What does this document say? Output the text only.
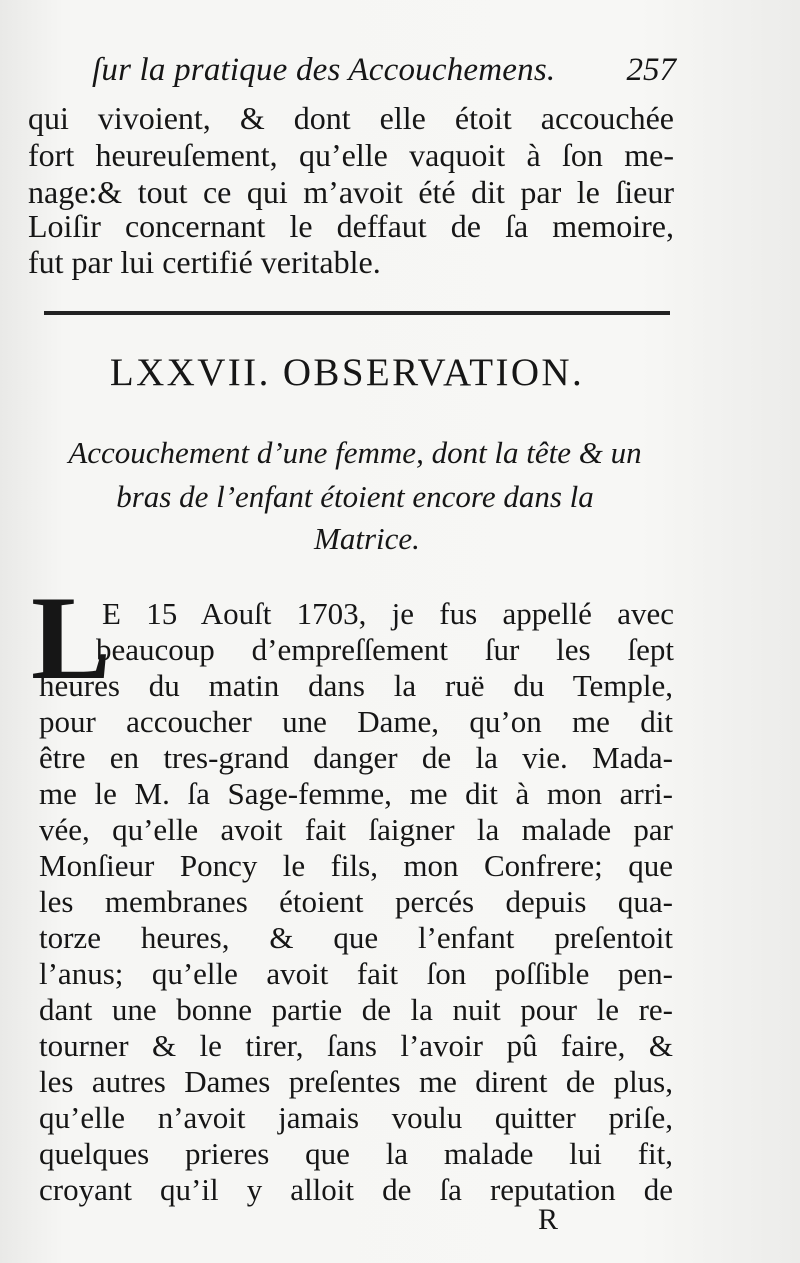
ſur la pratique des Accouchemens. 257
qui vivoient, & dont elle étoit accouchée
fort heureuſement, qu’elle vaquoit à ſon me-
nage:& tout ce qui m’avoit été dit par le ſieur
Loiſir concernant le deffaut de ſa memoire,
fut par lui certifié veritable.
LXXVII. OBSERVATION.
Accouchement d’une femme, dont la tête & un
bras de l’enfant étoient encore dans la
Matrice.
L
E 15 Aouſt 1703, je fus appellé avec
beaucoup d’empreſſement ſur les ſept
heures du matin dans la ruë du Temple,
pour accoucher une Dame, qu’on me dit
être en tres-grand danger de la vie. Mada-
me le M. ſa Sage-femme, me dit à mon arri-
vée, qu’elle avoit fait ſaigner la malade par
Monſieur Poncy le fils, mon Confrere; que
les membranes étoient percés depuis qua-
torze heures, & que l’enfant preſentoit
l’anus; qu’elle avoit fait ſon poſſible pen-
dant une bonne partie de la nuit pour le re-
tourner & le tirer, ſans l’avoir pû faire, &
les autres Dames preſentes me dirent de plus,
qu’elle n’avoit jamais voulu quitter priſe,
quelques prieres que la malade lui fit,
croyant qu’il y alloit de ſa reputation de
R
